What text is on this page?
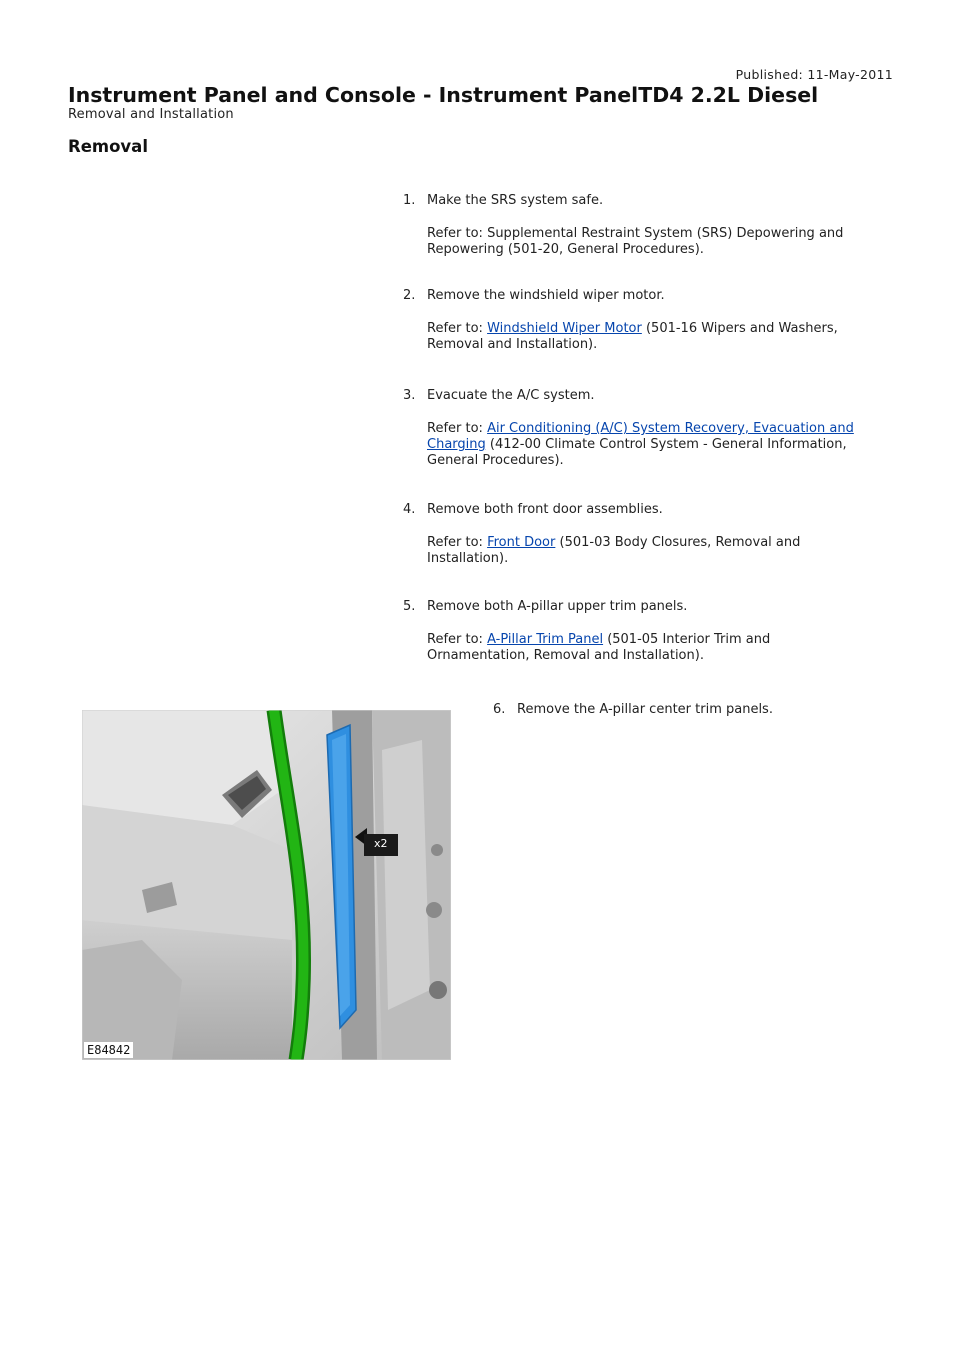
Published: 11-May-2011
Instrument Panel and Console - Instrument PanelTD4 2.2L Diesel
Removal and Installation
Removal
1. Make the SRS system safe.
Refer to: Supplemental Restraint System (SRS) Depowering and Repowering (501-20, General Procedures).
2. Remove the windshield wiper motor.
Refer to: Windshield Wiper Motor (501-16 Wipers and Washers, Removal and Installation).
3. Evacuate the A/C system.
Refer to: Air Conditioning (A/C) System Recovery, Evacuation and Charging (412-00 Climate Control System - General Information, General Procedures).
4. Remove both front door assemblies.
Refer to: Front Door (501-03 Body Closures, Removal and Installation).
5. Remove both A-pillar upper trim panels.
Refer to: A-Pillar Trim Panel (501-05 Interior Trim and Ornamentation, Removal and Installation).
6. Remove the A-pillar center trim panels.
x2
E84842
